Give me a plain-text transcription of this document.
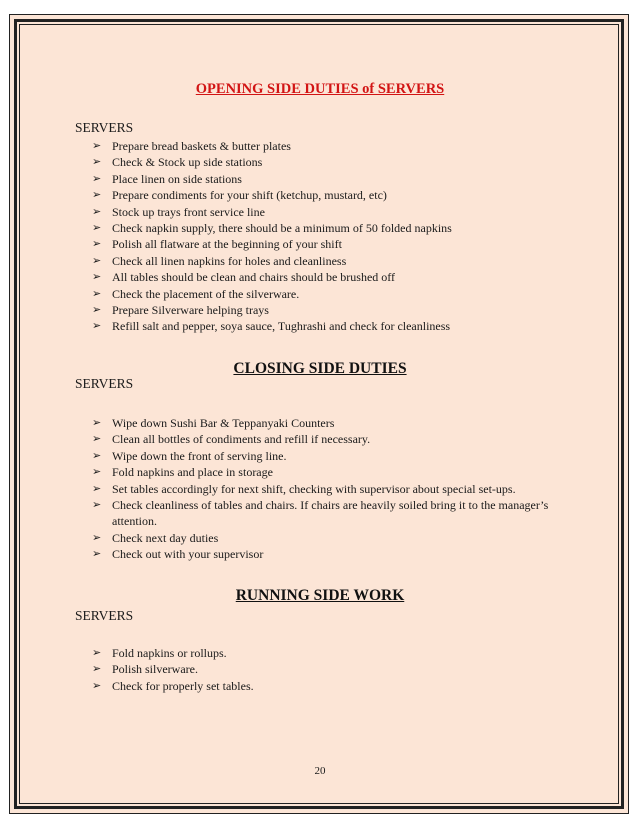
OPENING SIDE DUTIES of SERVERS
SERVERS
➢ Prepare bread baskets & butter plates
➢ Check & Stock up side stations
➢ Place linen on side stations
➢ Prepare condiments for your shift (ketchup, mustard, etc)
➢ Stock up trays front service line
➢ Check napkin supply, there should be a minimum of 50 folded napkins
➢ Polish all flatware at the beginning of your shift
➢ Check all linen napkins for holes and cleanliness
➢ All tables should be clean and chairs should be brushed off
➢ Check the placement of the silverware.
➢ Prepare Silverware helping trays
➢ Refill salt and pepper, soya sauce, Tughrashi and check for cleanliness
CLOSING SIDE DUTIES
SERVERS
➢ Wipe down Sushi Bar & Teppanyaki Counters
➢ Clean all bottles of condiments and refill if necessary.
➢ Wipe down the front of serving line.
➢ Fold napkins and place in storage
➢ Set tables accordingly for next shift, checking with supervisor about special set-ups.
➢ Check cleanliness of tables and chairs. If chairs are heavily soiled bring it to the manager’s attention.
➢ Check next day duties
➢ Check out with your supervisor
RUNNING SIDE WORK
SERVERS
➢ Fold napkins or rollups.
➢ Polish silverware.
➢ Check for properly set tables.
20
